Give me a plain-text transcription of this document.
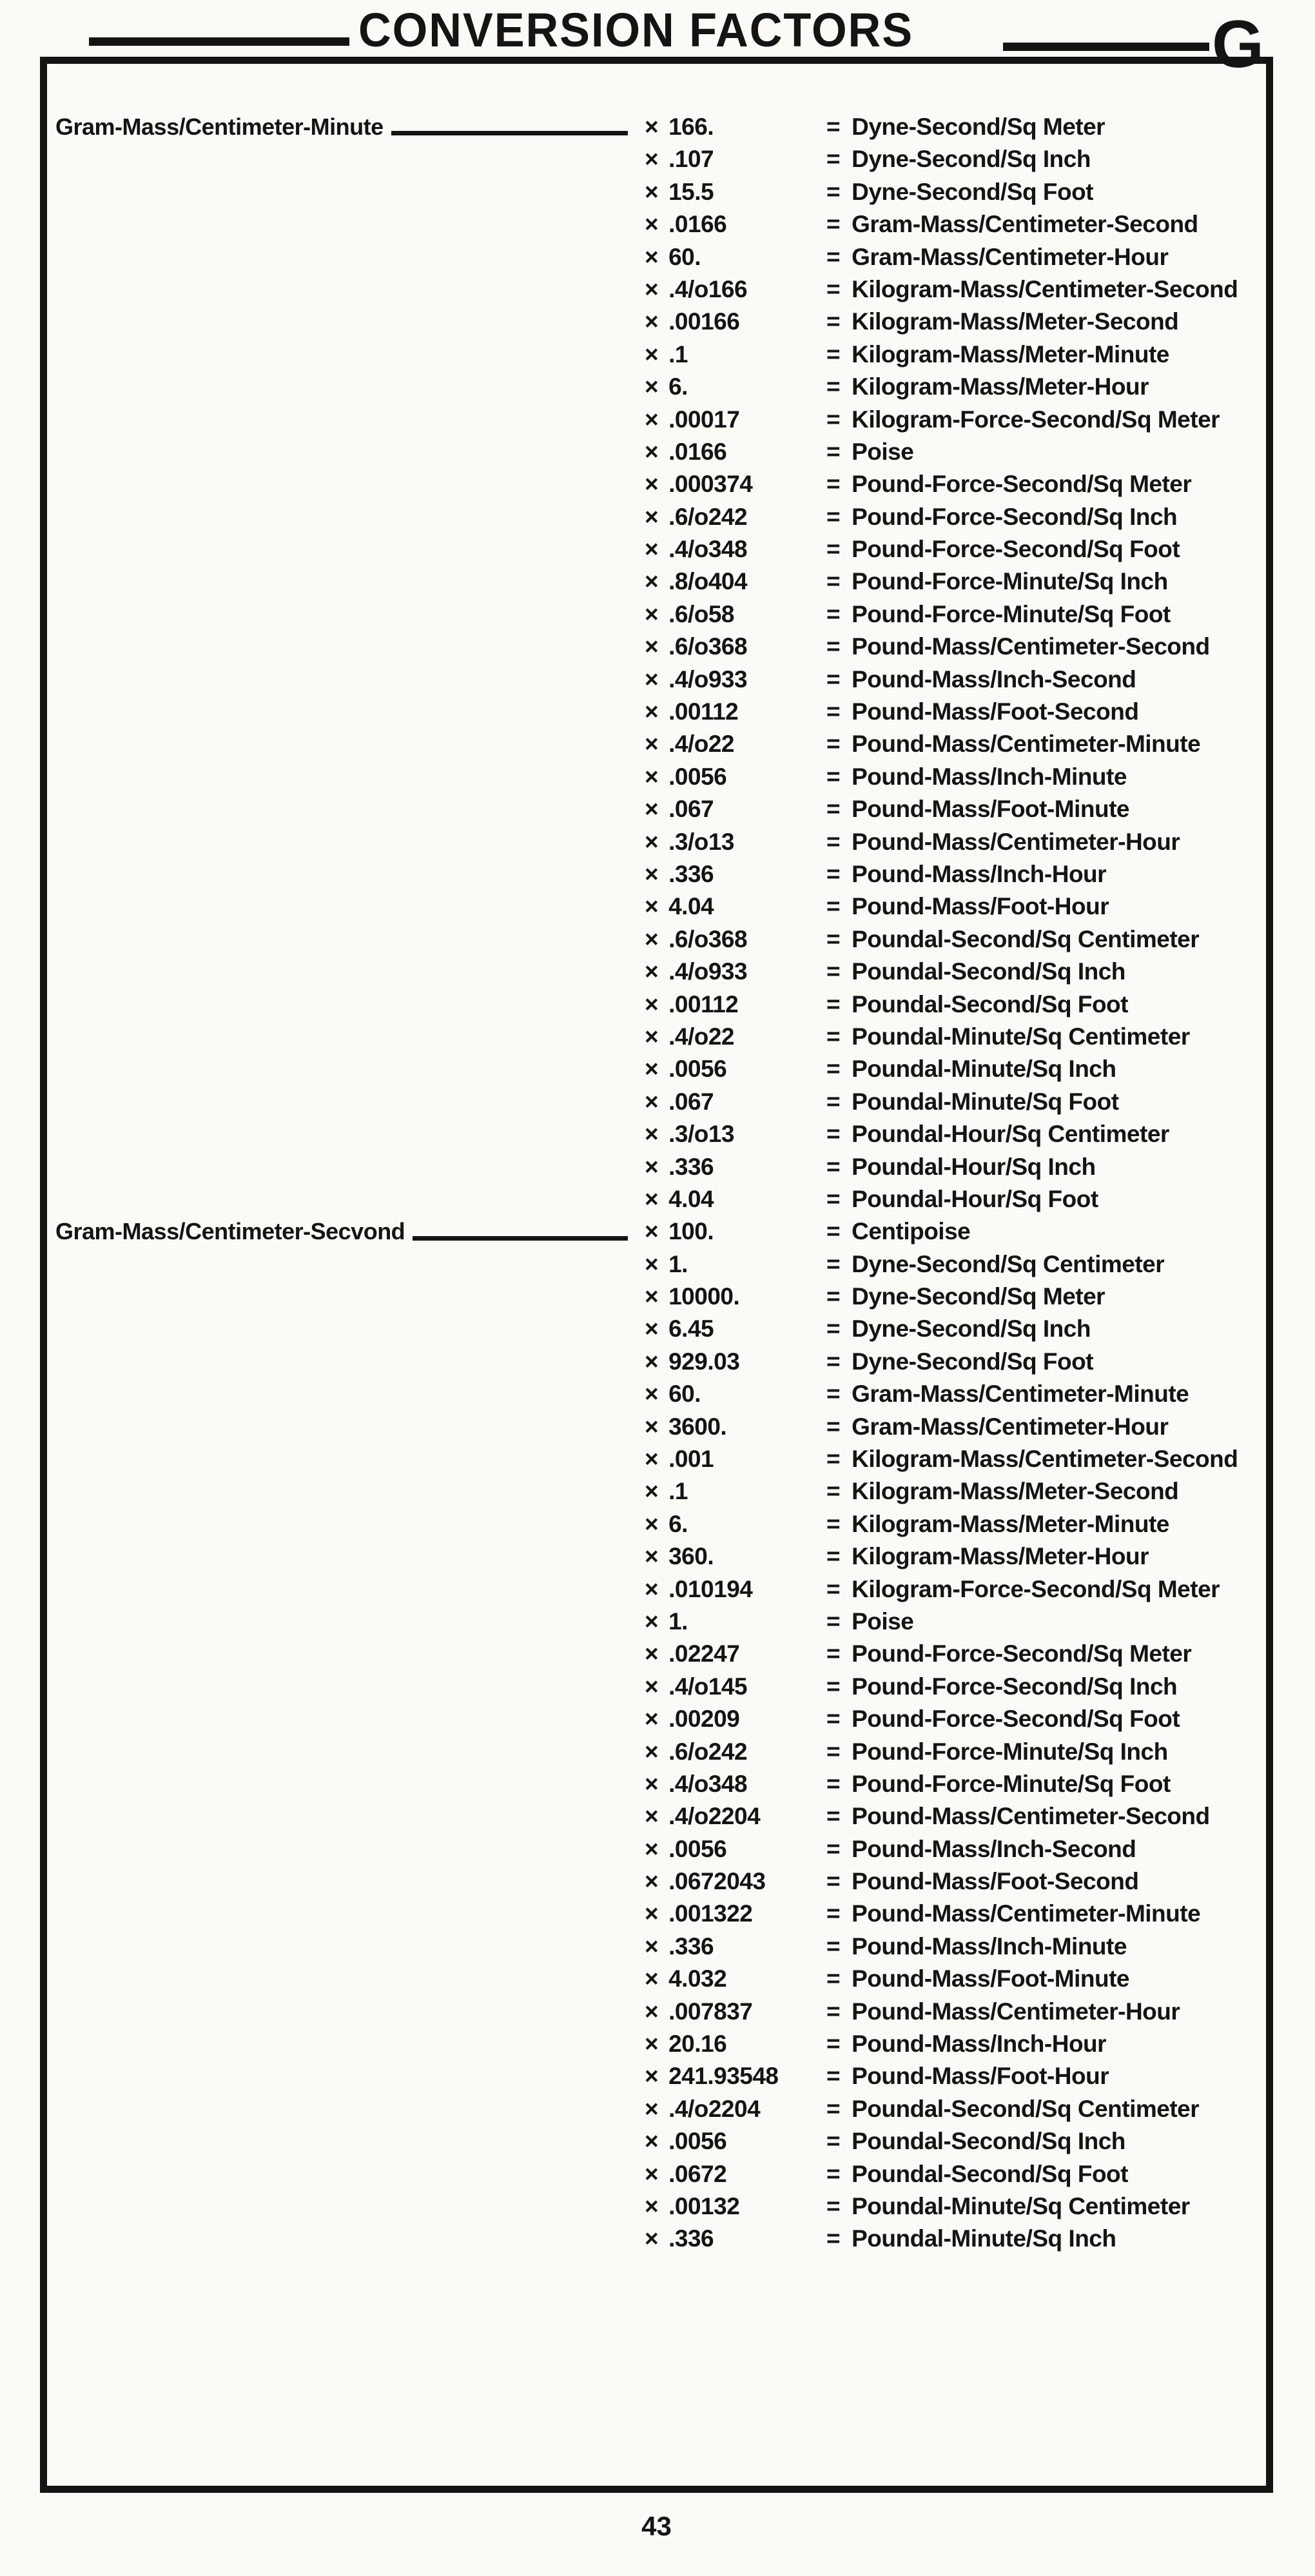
CONVERSION FACTORS	G
Gram-Mass/Centimeter-Minute	× 166.	= Dyne-Second/Sq Meter
× .107	= Dyne-Second/Sq Inch
× 15.5	= Dyne-Second/Sq Foot
× .0166	= Gram-Mass/Centimeter-Second
× 60.	= Gram-Mass/Centimeter-Hour
× .4/o166	= Kilogram-Mass/Centimeter-Second
× .00166	= Kilogram-Mass/Meter-Second
× .1	= Kilogram-Mass/Meter-Minute
× 6.	= Kilogram-Mass/Meter-Hour
× .00017	= Kilogram-Force-Second/Sq Meter
× .0166	= Poise
× .000374	= Pound-Force-Second/Sq Meter
× .6/o242	= Pound-Force-Second/Sq Inch
× .4/o348	= Pound-Force-Second/Sq Foot
× .8/o404	= Pound-Force-Minute/Sq Inch
× .6/o58	= Pound-Force-Minute/Sq Foot
× .6/o368	= Pound-Mass/Centimeter-Second
× .4/o933	= Pound-Mass/Inch-Second
× .00112	= Pound-Mass/Foot-Second
× .4/o22	= Pound-Mass/Centimeter-Minute
× .0056	= Pound-Mass/Inch-Minute
× .067	= Pound-Mass/Foot-Minute
× .3/o13	= Pound-Mass/Centimeter-Hour
× .336	= Pound-Mass/Inch-Hour
× 4.04	= Pound-Mass/Foot-Hour
× .6/o368	= Poundal-Second/Sq Centimeter
× .4/o933	= Poundal-Second/Sq Inch
× .00112	= Poundal-Second/Sq Foot
× .4/o22	= Poundal-Minute/Sq Centimeter
× .0056	= Poundal-Minute/Sq Inch
× .067	= Poundal-Minute/Sq Foot
× .3/o13	= Poundal-Hour/Sq Centimeter
× .336	= Poundal-Hour/Sq Inch
× 4.04	= Poundal-Hour/Sq Foot
Gram-Mass/Centimeter-Secvond	× 100.	= Centipoise
× 1.	= Dyne-Second/Sq Centimeter
× 10000.	= Dyne-Second/Sq Meter
× 6.45	= Dyne-Second/Sq Inch
× 929.03	= Dyne-Second/Sq Foot
× 60.	= Gram-Mass/Centimeter-Minute
× 3600.	= Gram-Mass/Centimeter-Hour
× .001	= Kilogram-Mass/Centimeter-Second
× .1	= Kilogram-Mass/Meter-Second
× 6.	= Kilogram-Mass/Meter-Minute
× 360.	= Kilogram-Mass/Meter-Hour
× .010194	= Kilogram-Force-Second/Sq Meter
× 1.	= Poise
× .02247	= Pound-Force-Second/Sq Meter
× .4/o145	= Pound-Force-Second/Sq Inch
× .00209	= Pound-Force-Second/Sq Foot
× .6/o242	= Pound-Force-Minute/Sq Inch
× .4/o348	= Pound-Force-Minute/Sq Foot
× .4/o2204	= Pound-Mass/Centimeter-Second
× .0056	= Pound-Mass/Inch-Second
× .0672043	= Pound-Mass/Foot-Second
× .001322	= Pound-Mass/Centimeter-Minute
× .336	= Pound-Mass/Inch-Minute
× 4.032	= Pound-Mass/Foot-Minute
× .007837	= Pound-Mass/Centimeter-Hour
× 20.16	= Pound-Mass/Inch-Hour
× 241.93548 = Pound-Mass/Foot-Hour
× .4/o2204	= Poundal-Second/Sq Centimeter
× .0056	= Poundal-Second/Sq Inch
× .0672	= Poundal-Second/Sq Foot
× .00132	= Poundal-Minute/Sq Centimeter
× .336	= Poundal-Minute/Sq Inch
43
